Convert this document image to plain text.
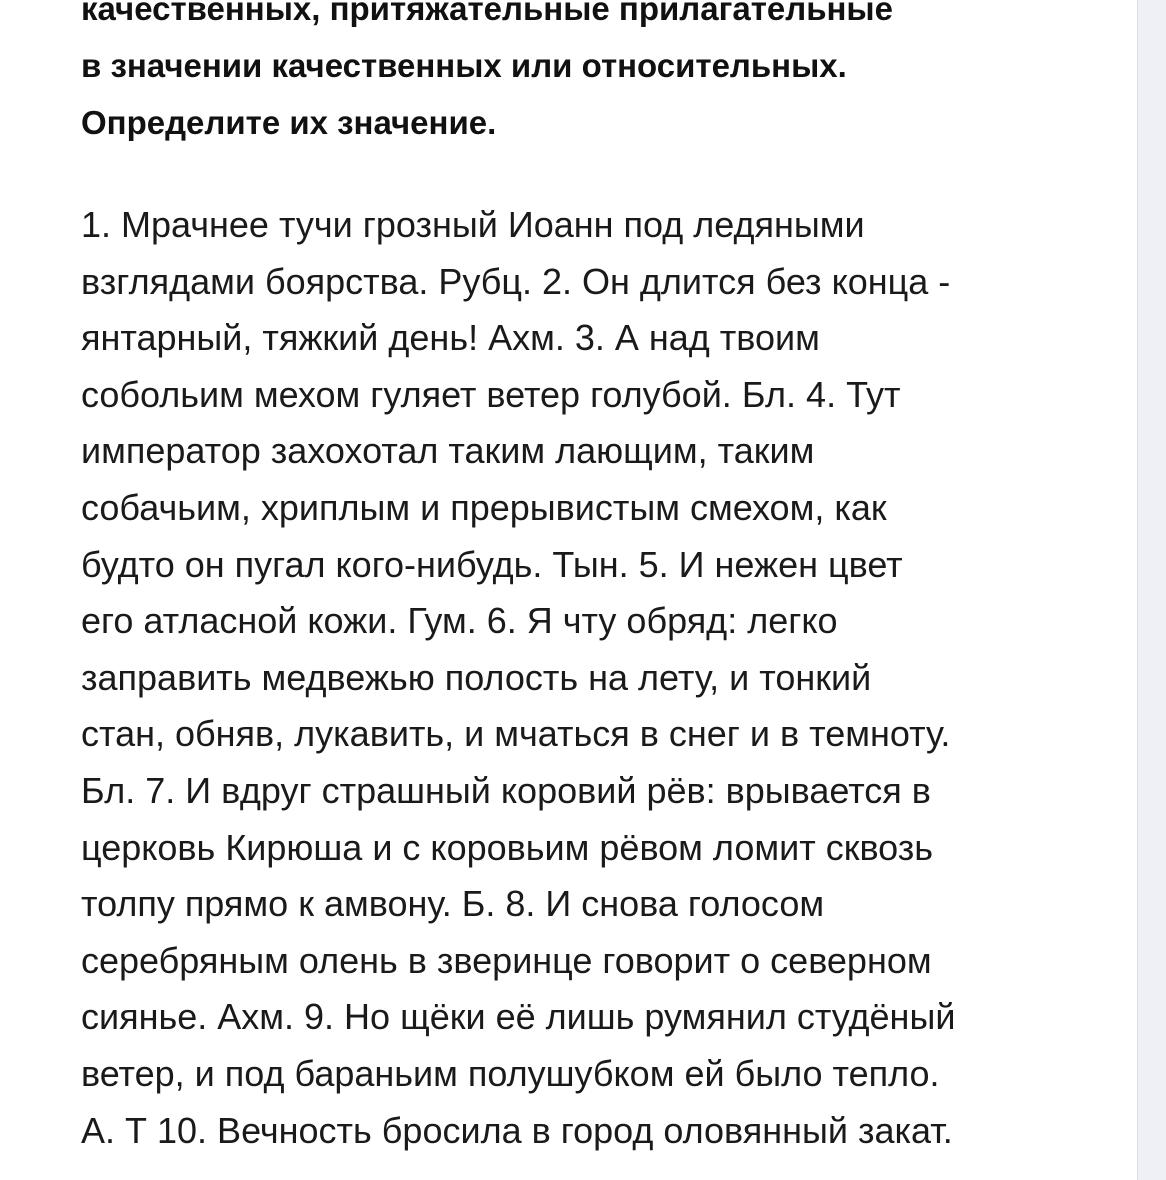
качественных, притяжательные прилагательные
в значении качественных или относительных.
Определите их значение.

1. Мрачнее тучи грозный Иоанн под ледяными
взглядами боярства. Рубц. 2. Он длится без конца -
янтарный, тяжкий день! Ахм. 3. А над твоим
собольим мехом гуляет ветер голубой. Бл. 4. Тут
император захохотал таким лающим, таким
собачьим, хриплым и прерывистым смехом, как
будто он пугал кого-нибудь. Тын. 5. И нежен цвет
его атласной кожи. Гум. 6. Я чту обряд: легко
заправить медвежью полость на лету, и тонкий
стан, обняв, лукавить, и мчаться в снег и в темноту.
Бл. 7. И вдруг страшный коровий рёв: врывается в
церковь Кирюша и с коровьим рёвом ломит сквозь
толпу прямо к амвону. Б. 8. И снова голосом
серебряным олень в зверинце говорит о северном
сиянье. Ахм. 9. Но щёки её лишь румянил студёный
ветер, и под бараньим полушубком ей было тепло.
А. Т 10. Вечность бросила в город оловянный закат.
